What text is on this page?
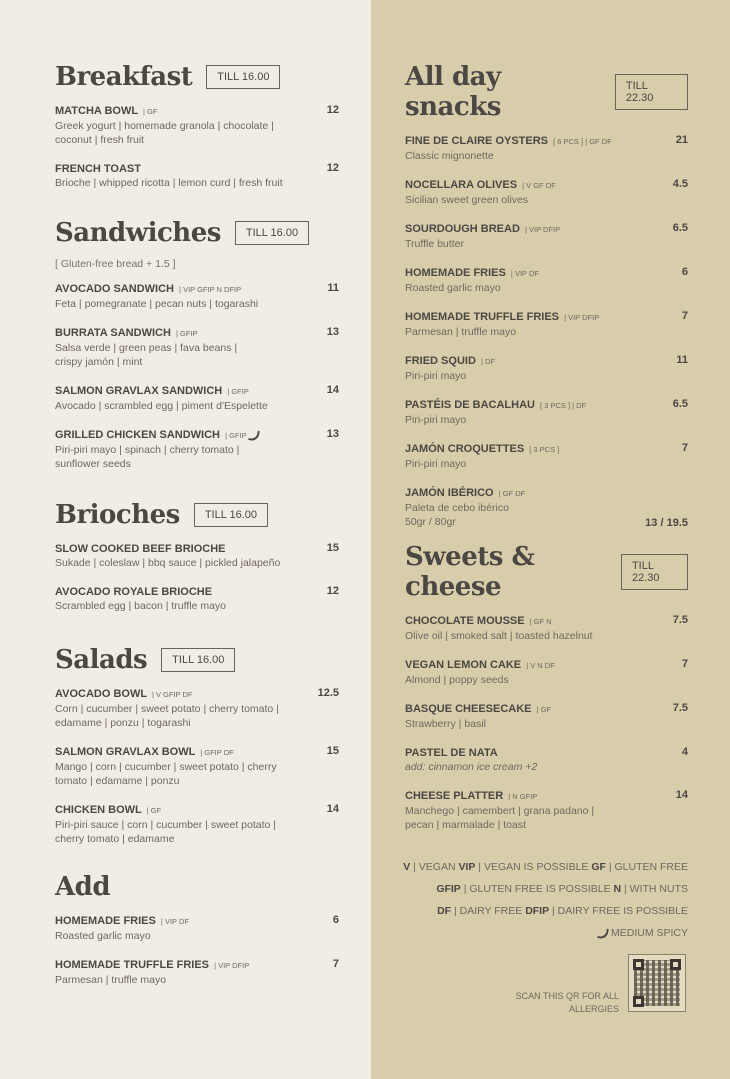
Breakfast	TILL 16.00
MATCHA BOWL | GF
Greek yogurt | homemade granola | chocolate | coconut | fresh fruit
12
FRENCH TOAST
Brioche | whipped ricotta | lemon curd | fresh fruit
12
Sandwiches	TILL 16.00
[ Gluten-free bread + 1.5 ]
AVOCADO SANDWICH | VIP GFIP N DFIP
Feta | pomegranate | pecan nuts | togarashi
11
BURRATA SANDWICH | GFIP
Salsa verde | green peas | fava beans | crispy jamón | mint
13
SALMON GRAVLAX SANDWICH | GFIP
Avocado | scrambled egg | piment d'Espelette
14
GRILLED CHICKEN SANDWICH | GFIP
Piri-piri mayo | spinach | cherry tomato | sunflower seeds
13
Brioches	TILL 16.00
SLOW COOKED BEEF BRIOCHE
Sukade | coleslaw | bbq sauce | pickled jalapeño
15
AVOCADO ROYALE BRIOCHE
Scrambled egg | bacon | truffle mayo
12
Salads	TILL 16.00
AVOCADO BOWL | V GFIP DF
Corn | cucumber | sweet potato | cherry tomato | edamame | ponzu | togarashi
12.5
SALMON GRAVLAX BOWL | GFIP DF
Mango | corn | cucumber | sweet potato | cherry tomato | edamame | ponzu
15
CHICKEN BOWL | GF
Piri-piri sauce | corn | cucumber | sweet potato | cherry tomato | edamame
14
Add
HOMEMADE FRIES | VIP DF
Roasted garlic mayo
6
HOMEMADE TRUFFLE FRIES | VIP DFIP
Parmesan | truffle mayo
7
All day snacks
TILL 22.30
FINE DE CLAIRE OYSTERS [ 6 PCS ] | GF DF
Classic mignonette
21
NOCELLARA OLIVES | V GF DF
Sicilian sweet green olives
4.5
SOURDOUGH BREAD | VIP DFIP
Truffle butter
6.5
HOMEMADE FRIES | VIP DF
Roasted garlic mayo
6
HOMEMADE TRUFFLE FRIES | VIP DFIP
Parmesan | truffle mayo
7
FRIED SQUID | DF
Piri-piri mayo
11
PASTÉIS DE BACALHAU [ 3 PCS ] | DF
Piri-piri mayo
6.5
JAMÓN CROQUETTES [ 3 PCS ]
Piri-piri mayo
7
JAMÓN IBÉRICO | GF DF
Paleta de cebo ibérico
50gr / 80gr	13 / 19.5
Sweets & cheese
TILL 22.30
CHOCOLATE MOUSSE | GF N
Olive oil | smoked salt | toasted hazelnut
7.5
VEGAN LEMON CAKE | V N DF
Almond | poppy seeds
7
BASQUE CHEESECAKE | GF
Strawberry | basil
7.5
PASTEL DE NATA
add: cinnamon ice cream +2
4
CHEESE PLATTER | N GFIP
Manchego | camembert | grana padano | pecan | marmalade | toast
14
V | VEGAN VIP | VEGAN IS POSSIBLE GF | GLUTEN FREE
GFIP | GLUTEN FREE IS POSSIBLE N | WITH NUTS
DF | DAIRY FREE DFIP | DAIRY FREE IS POSSIBLE
MEDIUM SPICY
SCAN THIS QR FOR ALL ALLERGIES
